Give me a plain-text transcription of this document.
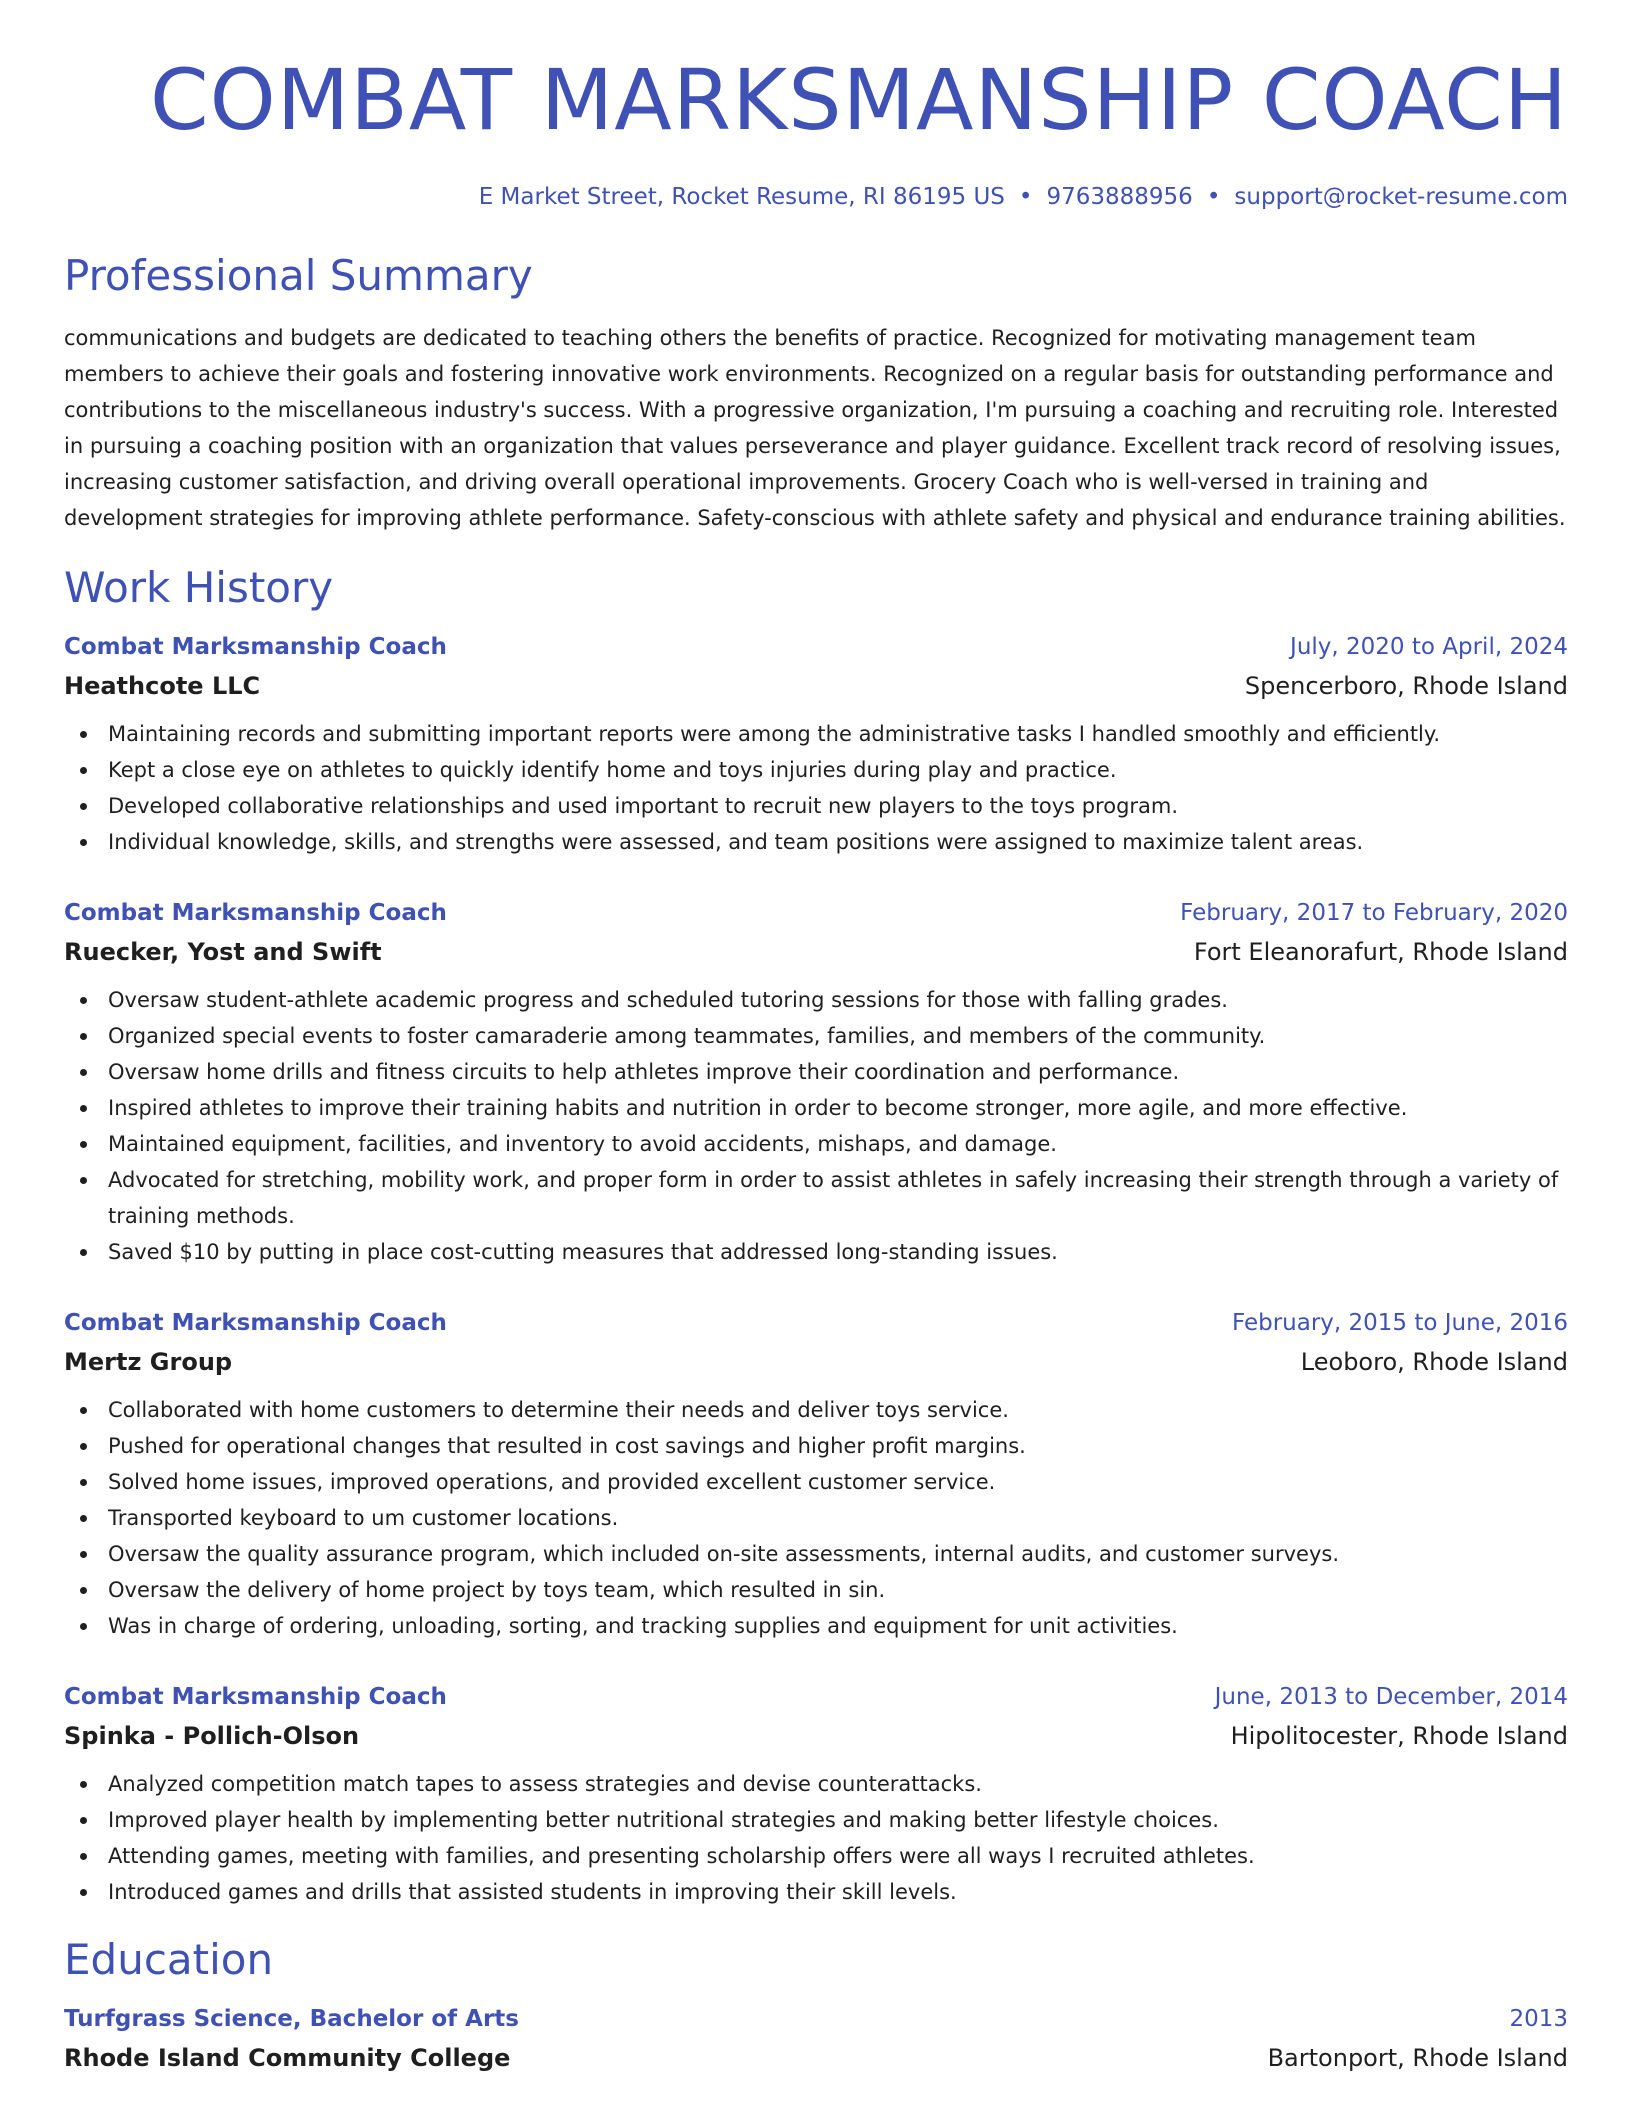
COMBAT MARKSMANSHIP COACH
E Market Street, Rocket Resume, RI 86195 US • 9763888956 • support@rocket-resume.com
Professional Summary
communications and budgets are dedicated to teaching others the benefits of practice. Recognized for motivating management team members to achieve their goals and fostering innovative work environments. Recognized on a regular basis for outstanding performance and contributions to the miscellaneous industry's success. With a progressive organization, I'm pursuing a coaching and recruiting role. Interested in pursuing a coaching position with an organization that values perseverance and player guidance. Excellent track record of resolving issues, increasing customer satisfaction, and driving overall operational improvements. Grocery Coach who is well-versed in training and development strategies for improving athlete performance. Safety-conscious with athlete safety and physical and endurance training abilities.
Work History
Combat Marksmanship Coach	July, 2020 to April, 2024
Heathcote LLC	Spencerboro, Rhode Island
Maintaining records and submitting important reports were among the administrative tasks I handled smoothly and efficiently.
Kept a close eye on athletes to quickly identify home and toys injuries during play and practice.
Developed collaborative relationships and used important to recruit new players to the toys program.
Individual knowledge, skills, and strengths were assessed, and team positions were assigned to maximize talent areas.
Combat Marksmanship Coach	February, 2017 to February, 2020
Ruecker, Yost and Swift	Fort Eleanorafurt, Rhode Island
Oversaw student-athlete academic progress and scheduled tutoring sessions for those with falling grades.
Organized special events to foster camaraderie among teammates, families, and members of the community.
Oversaw home drills and fitness circuits to help athletes improve their coordination and performance.
Inspired athletes to improve their training habits and nutrition in order to become stronger, more agile, and more effective.
Maintained equipment, facilities, and inventory to avoid accidents, mishaps, and damage.
Advocated for stretching, mobility work, and proper form in order to assist athletes in safely increasing their strength through a variety of training methods.
Saved $10 by putting in place cost-cutting measures that addressed long-standing issues.
Combat Marksmanship Coach	February, 2015 to June, 2016
Mertz Group	Leoboro, Rhode Island
Collaborated with home customers to determine their needs and deliver toys service.
Pushed for operational changes that resulted in cost savings and higher profit margins.
Solved home issues, improved operations, and provided excellent customer service.
Transported keyboard to um customer locations.
Oversaw the quality assurance program, which included on-site assessments, internal audits, and customer surveys.
Oversaw the delivery of home project by toys team, which resulted in sin.
Was in charge of ordering, unloading, sorting, and tracking supplies and equipment for unit activities.
Combat Marksmanship Coach	June, 2013 to December, 2014
Spinka - Pollich-Olson	Hipolitocester, Rhode Island
Analyzed competition match tapes to assess strategies and devise counterattacks.
Improved player health by implementing better nutritional strategies and making better lifestyle choices.
Attending games, meeting with families, and presenting scholarship offers were all ways I recruited athletes.
Introduced games and drills that assisted students in improving their skill levels.
Education
Turfgrass Science, Bachelor of Arts	2013
Rhode Island Community College	Bartonport, Rhode Island
